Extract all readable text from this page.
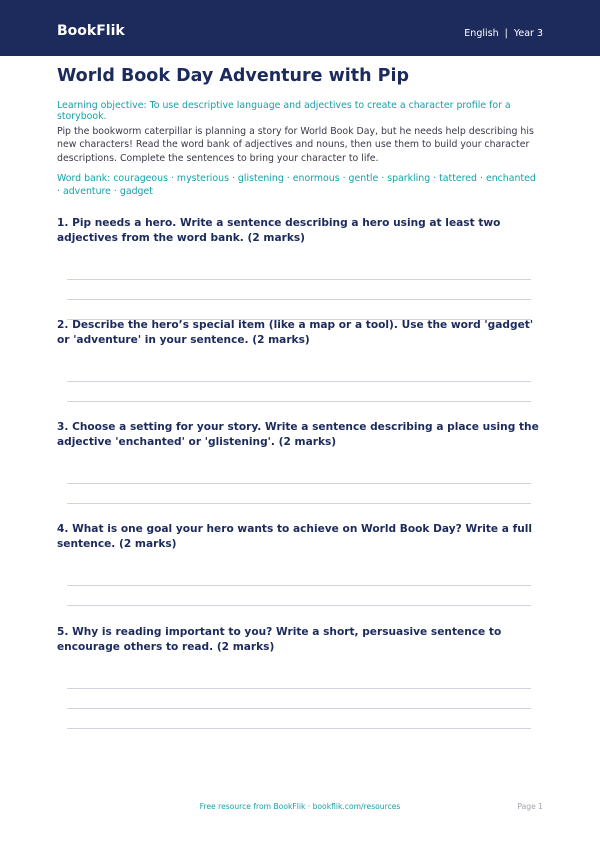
BookFlik	English | Year 3
World Book Day Adventure with Pip
Learning objective: To use descriptive language and adjectives to create a character profile for a storybook.
Pip the bookworm caterpillar is planning a story for World Book Day, but he needs help describing his new characters! Read the word bank of adjectives and nouns, then use them to build your character descriptions. Complete the sentences to bring your character to life.
Word bank: courageous · mysterious · glistening · enormous · gentle · sparkling · tattered · enchanted · adventure · gadget
1. Pip needs a hero. Write a sentence describing a hero using at least two adjectives from the word bank. (2 marks)
2. Describe the hero’s special item (like a map or a tool). Use the word 'gadget' or 'adventure' in your sentence. (2 marks)
3. Choose a setting for your story. Write a sentence describing a place using the adjective 'enchanted' or 'glistening'. (2 marks)
4. What is one goal your hero wants to achieve on World Book Day? Write a full sentence. (2 marks)
5. Why is reading important to you? Write a short, persuasive sentence to encourage others to read. (2 marks)
Free resource from BookFlik · bookflik.com/resources	Page 1
